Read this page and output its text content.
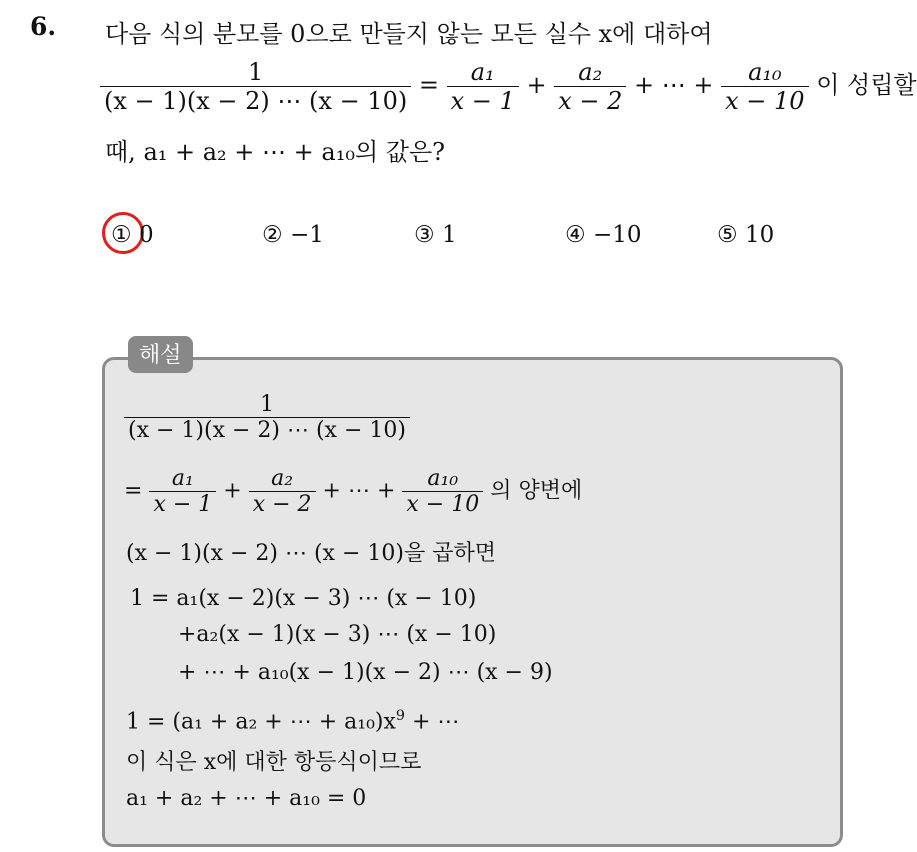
6. 다음 식의 분모를 0으로 만들지 않는 모든 실수 x에 대하여
$\frac{1}{(x - 1)(x - 2) \cdots (x - 10)} = \frac{\text{a₁}}{x - 1} + \frac{\text{a₂}}{x - 2}$ + ⋯ + $\frac{\text{a₁₀}}{x - 10}$ 이 성립할
때, a₁ + a₂ + ⋯ + a₁₀의 값은?
① 0	② −1	③ 1	④ −10	⑤ 10
해설
$\frac{1}{(x - 1)(x - 2) \cdots (x - 10)}$
= $\frac{\text{a₁}}{x - 1} + \frac{\text{a₂}}{x - 2}$ + ⋯ + $\frac{\text{a₁₀}}{x - 10}$ 의 양변에
(x − 1)(x − 2) ⋯ (x − 10)을 곱하면
1 = a₁(x − 2)(x − 3) ⋯ (x − 10)
+a₂(x − 1)(x − 3) ⋯ (x − 10)
+ ⋯ + a₁₀(x − 1)(x − 2) ⋯ (x − 9)
1 = (a₁ + a₂ + ⋯ + $a_{10})x^9$ + ⋯
이 식은 x에 대한 항등식이므로
a₁ + a₂ + ⋯ + a₁₀ = 0
